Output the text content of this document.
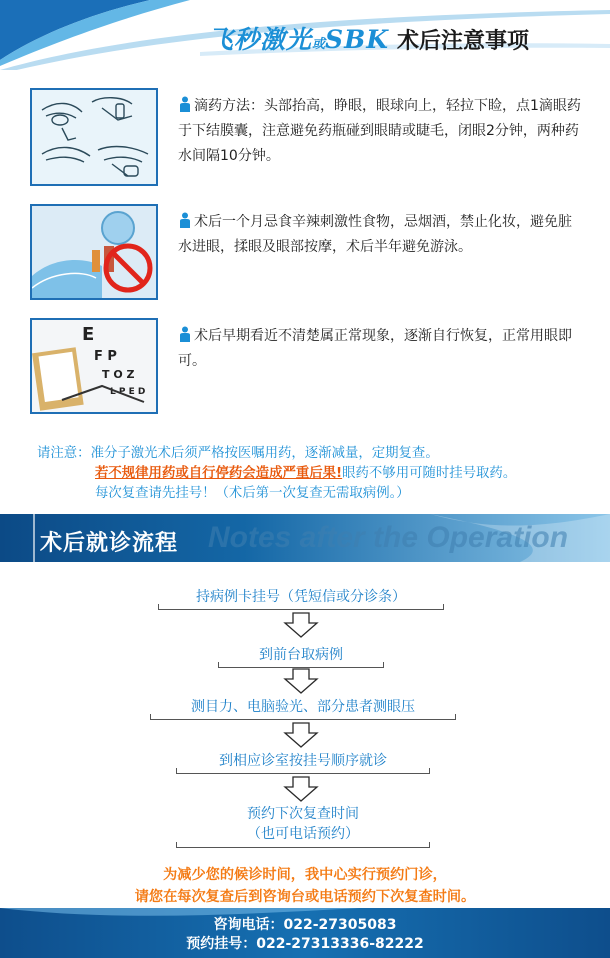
飞秒激光或SBK 术后注意事项
滴药方法：头部抬高，睁眼，眼球向上，轻拉下睑，点1滴眼药于下结膜囊，注意避免药瓶碰到眼睛或睫毛，闭眼2分钟，两种药水间隔10分钟。
术后一个月忌食辛辣刺激性食物，忌烟酒，禁止化妆，避免脏水进眼，揉眼及眼部按摩，术后半年避免游泳。
E
F P
T O Z
L P E D
术后早期看近不清楚属正常现象，逐渐自行恢复，正常用眼即可。
请注意：准分子激光术后须严格按医嘱用药，逐渐减量，定期复查。
若不规律用药或自行停药会造成严重后果!眼药不够用可随时挂号取药。
每次复查请先挂号！（术后第一次复查无需取病例。）
Notes after the Operation
术后就诊流程
持病例卡挂号（凭短信或分诊条）
到前台取病例
测目力、电脑验光、部分患者测眼压
到相应诊室按挂号顺序就诊
预约下次复查时间
（也可电话预约）
为减少您的候诊时间，我中心实行预约门诊，
请您在每次复查后到咨询台或电话预约下次复查时间。
咨询电话：022-27305083
预约挂号：022-27313336-82222
